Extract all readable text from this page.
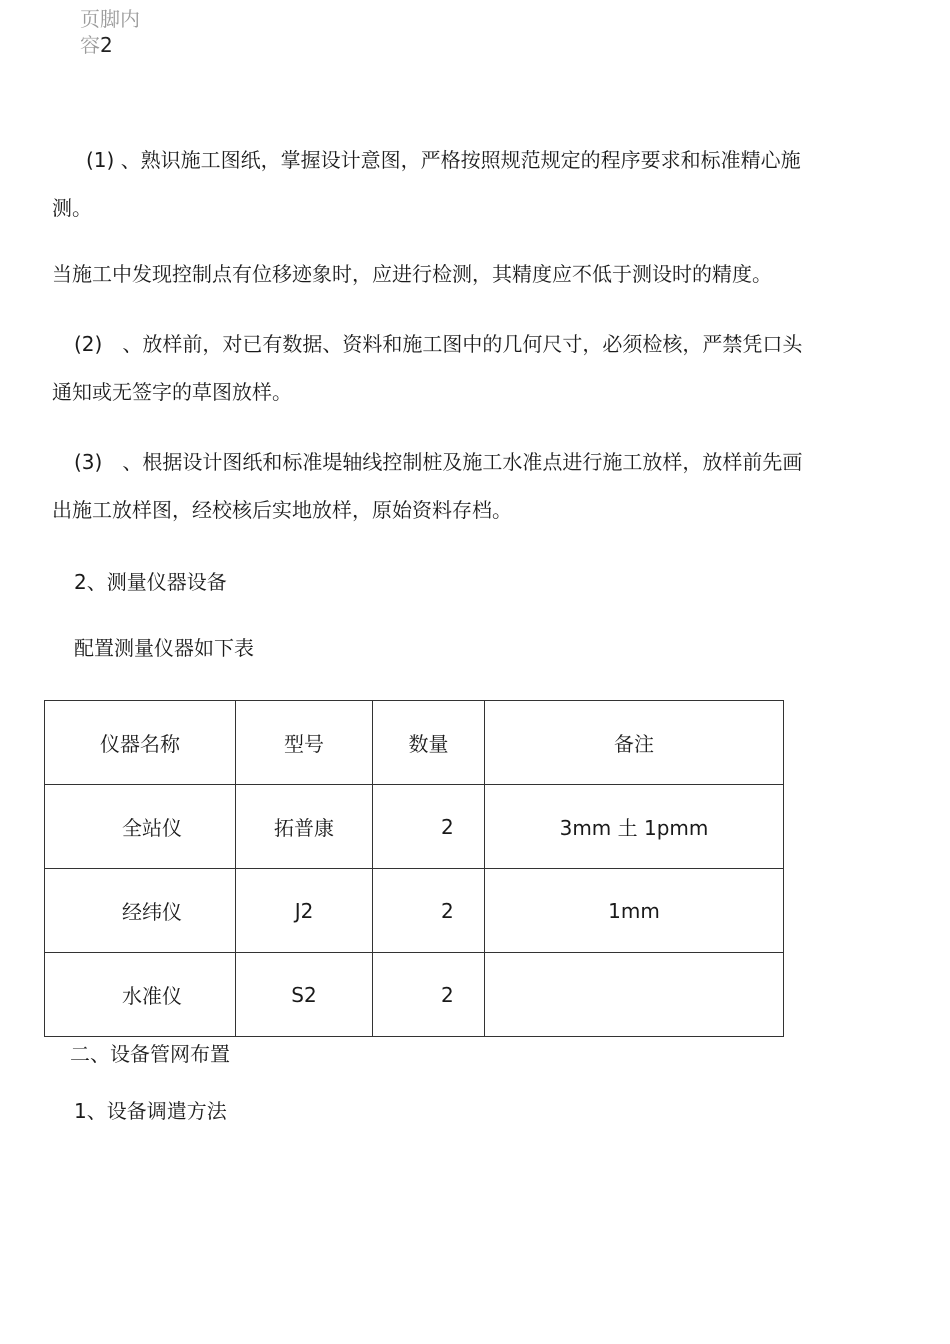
页脚内容2

(1) 、熟识施工图纸，掌握设计意图，严格按照规范规定的程序要求和标准精心施
测。

当施工中发现控制点有位移迹象时，应进行检测，其精度应不低于测设时的精度。

(2)　、放样前，对已有数据、资料和施工图中的几何尺寸，必须检核，严禁凭口头
通知或无签字的草图放样。

(3)　、根据设计图纸和标准堤轴线控制桩及施工水准点进行施工放样，放样前先画
出施工放样图，经校核后实地放样，原始资料存档。

2、测量仪器设备

配置测量仪器如下表

仪器名称	型号	数量	备注
全站仪	拓普康	2	3mm 土 1pmm
经纬仪	J2	2	1mm
水准仪	S2	2	

二、设备管网布置

1、设备调遣方法
